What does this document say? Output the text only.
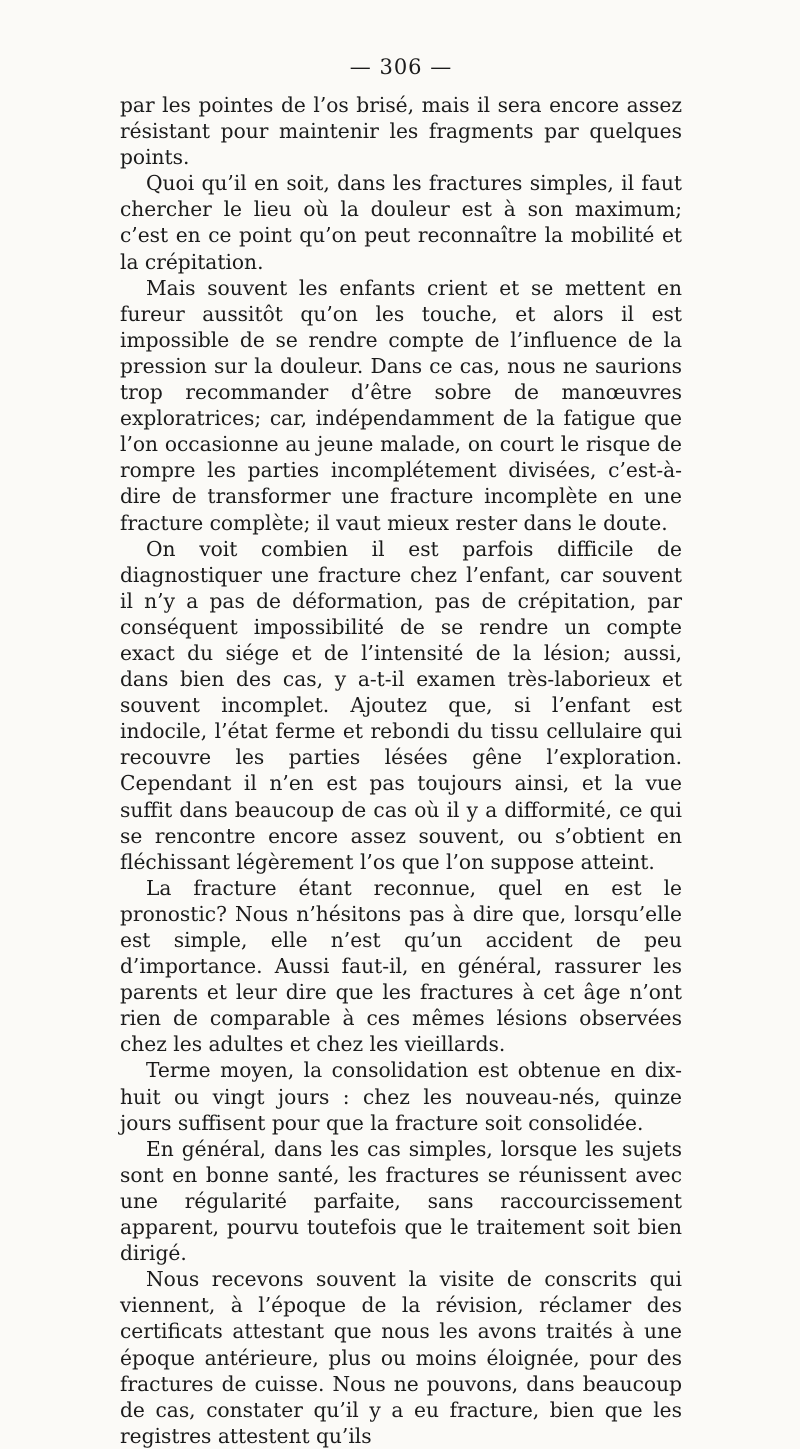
— 306 —

par les pointes de l’os brisé, mais il sera encore assez résistant pour maintenir les fragments par quelques points.

Quoi qu’il en soit, dans les fractures simples, il faut chercher le lieu où la douleur est à son maximum; c’est en ce point qu’on peut reconnaître la mobilité et la crépitation.

Mais souvent les enfants crient et se mettent en fureur aussitôt qu’on les touche, et alors il est impossible de se rendre compte de l’influence de la pression sur la douleur. Dans ce cas, nous ne saurions trop recommander d’être sobre de manœuvres exploratrices; car, indépendamment de la fatigue que l’on occasionne au jeune malade, on court le risque de rompre les parties incomplétement divisées, c’est-à-dire de transformer une fracture incomplète en une fracture complète; il vaut mieux rester dans le doute.

On voit combien il est parfois difficile de diagnostiquer une fracture chez l’enfant, car souvent il n’y a pas de déformation, pas de crépitation, par conséquent impossibilité de se rendre un compte exact du siége et de l’intensité de la lésion; aussi, dans bien des cas, y a-t-il examen très-laborieux et souvent incomplet. Ajoutez que, si l’enfant est indocile, l’état ferme et rebondi du tissu cellulaire qui recouvre les parties lésées gêne l’exploration. Cependant il n’en est pas toujours ainsi, et la vue suffit dans beaucoup de cas où il y a difformité, ce qui se rencontre encore assez souvent, ou s’obtient en fléchissant légèrement l’os que l’on suppose atteint.

La fracture étant reconnue, quel en est le pronostic? Nous n’hésitons pas à dire que, lorsqu’elle est simple, elle n’est qu’un accident de peu d’importance. Aussi faut-il, en général, rassurer les parents et leur dire que les fractures à cet âge n’ont rien de comparable à ces mêmes lésions observées chez les adultes et chez les vieillards.

Terme moyen, la consolidation est obtenue en dix-huit ou vingt jours : chez les nouveau-nés, quinze jours suffisent pour que la fracture soit consolidée.

En général, dans les cas simples, lorsque les sujets sont en bonne santé, les fractures se réunissent avec une régularité parfaite, sans raccourcissement apparent, pourvu toutefois que le traitement soit bien dirigé.

Nous recevons souvent la visite de conscrits qui viennent, à l’époque de la révision, réclamer des certificats attestant que nous les avons traités à une époque antérieure, plus ou moins éloignée, pour des fractures de cuisse. Nous ne pouvons, dans beaucoup de cas, constater qu’il y a eu fracture, bien que les registres attestent qu’ils
